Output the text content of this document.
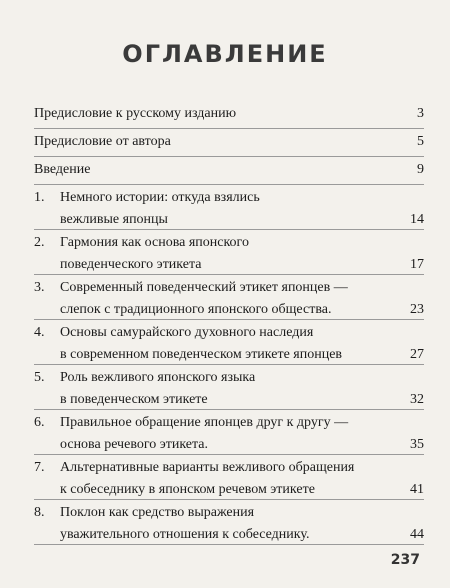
ОГЛАВЛЕНИЕ
Предисловие к русскому изданию	3
Предисловие от автора	5
Введение	9
1. Немного истории: откуда взялись
вежливые японцы	14
2. Гармония как основа японского
поведенческого этикета	17
3. Современный поведенческий этикет японцев —
слепок с традиционного японского общества.	23
4. Основы самурайского духовного наследия
в современном поведенческом этикете японцев	27
5. Роль вежливого японского языка
в поведенческом этикете	32
6. Правильное обращение японцев друг к другу —
основа речевого этикета.	35
7. Альтернативные варианты вежливого обращения
к собеседнику в японском речевом этикете	41
8. Поклон как средство выражения
уважительного отношения к собеседнику.	44
237
